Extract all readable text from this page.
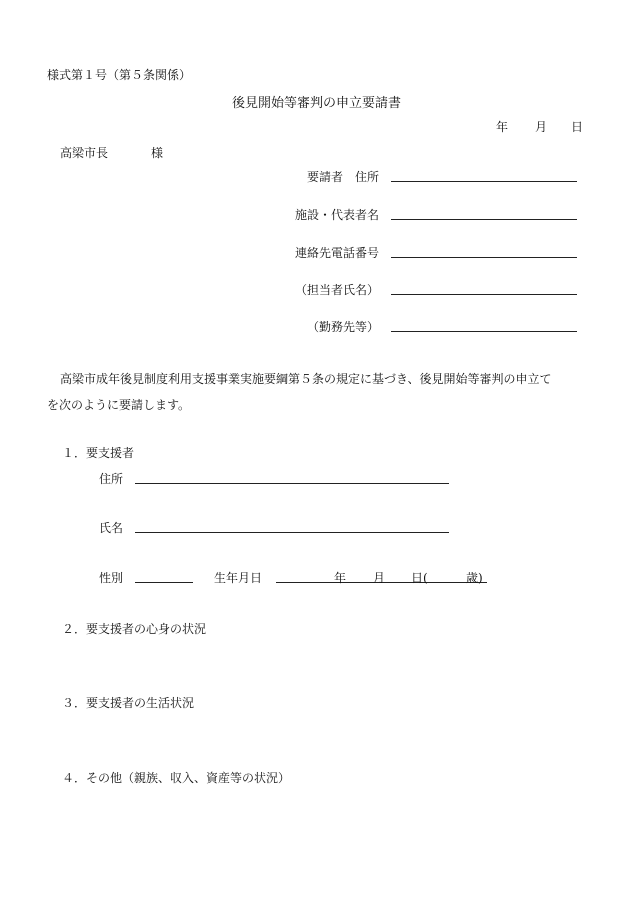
様式第１号（第５条関係）
後見開始等審判の申立要請書
年 月 日
高梁市長	様
要請者　住所
施設・代表者名
連絡先電話番号
（担当者氏名）
（勤務先等）
高梁市成年後見制度利用支援事業実施要綱第５条の規定に基づき、後見開始等審判の申立て
を次のように要請します。
１．要支援者
住所
氏名
性別	生年月日	年 月 日(	歳)
２．要支援者の心身の状況
３．要支援者の生活状況
４．その他（親族、収入、資産等の状況）
